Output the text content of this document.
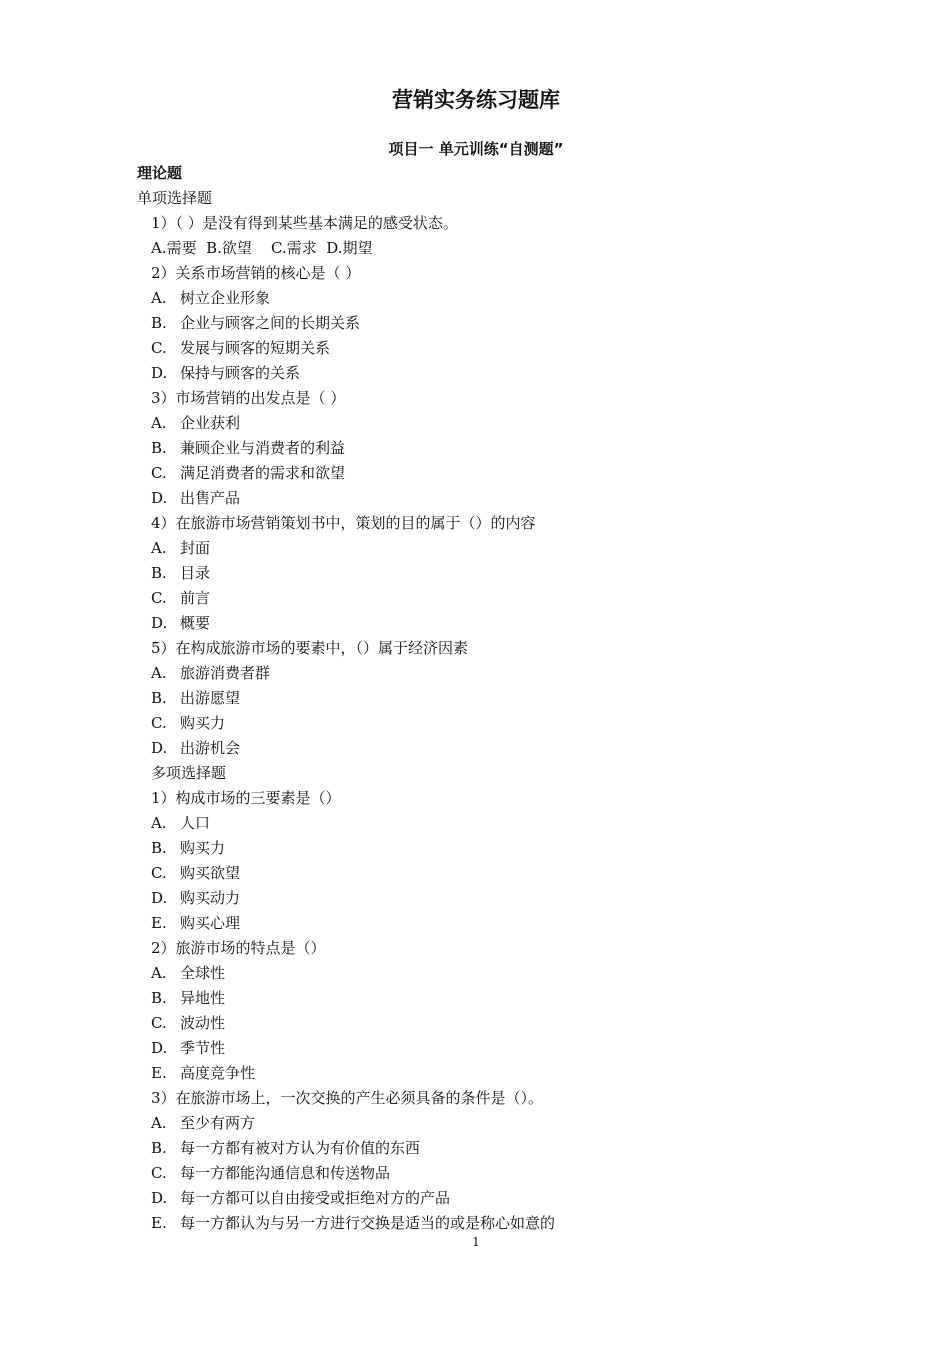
营销实务练习题库
项目一 单元训练“自测题”
理论题
单项选择题
1）（ ）是没有得到某些基本满足的感受状态。
A.需要  B.欲望    C.需求  D.期望
2）关系市场营销的核心是（ ）
A. 树立企业形象
B. 企业与顾客之间的长期关系
C. 发展与顾客的短期关系
D. 保持与顾客的关系
3）市场营销的出发点是（ ）
A. 企业获利
B. 兼顾企业与消费者的利益
C. 满足消费者的需求和欲望
D. 出售产品
4）在旅游市场营销策划书中，策划的目的属于（）的内容
A. 封面
B. 目录
C. 前言
D. 概要
5）在构成旅游市场的要素中，（）属于经济因素
A. 旅游消费者群
B. 出游愿望
C. 购买力
D. 出游机会
多项选择题
1）构成市场的三要素是（）
A. 人口
B. 购买力
C. 购买欲望
D. 购买动力
E. 购买心理
2）旅游市场的特点是（）
A. 全球性
B. 异地性
C. 波动性
D. 季节性
E. 高度竞争性
3）在旅游市场上，一次交换的产生必须具备的条件是（）。
A. 至少有两方
B. 每一方都有被对方认为有价值的东西
C. 每一方都能沟通信息和传送物品
D. 每一方都可以自由接受或拒绝对方的产品
E. 每一方都认为与另一方进行交换是适当的或是称心如意的
1
